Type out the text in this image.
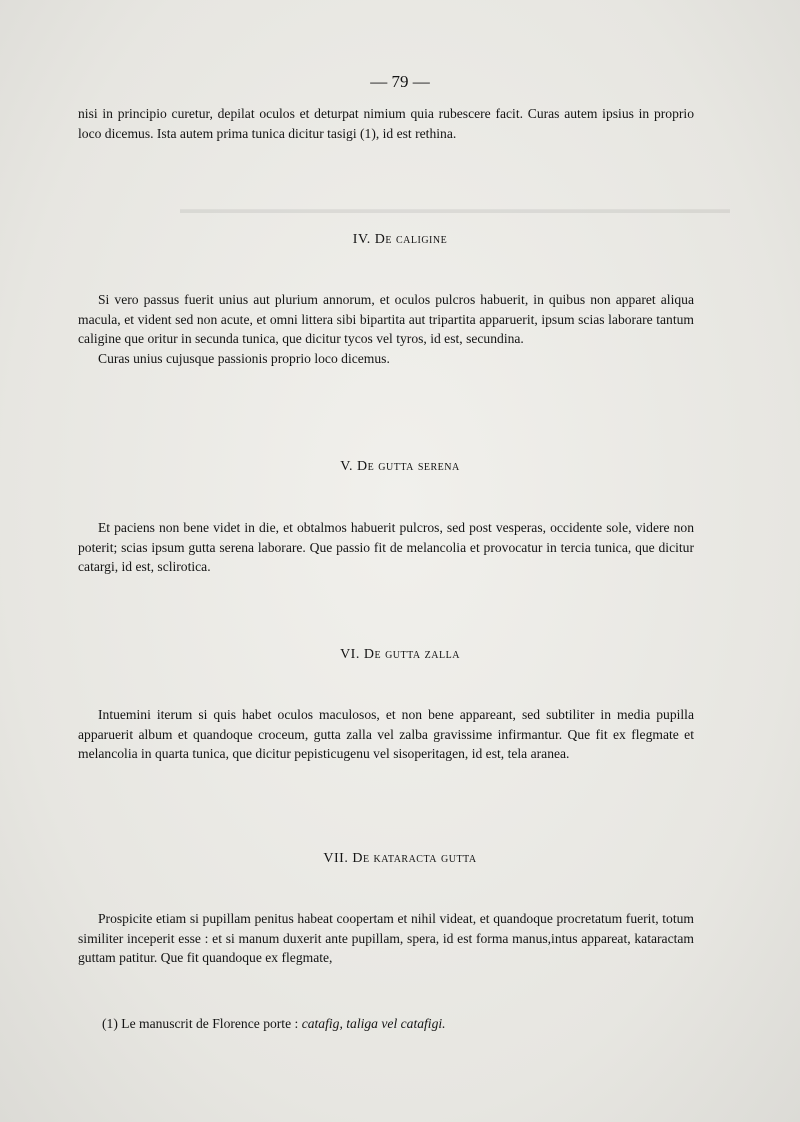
▬▬▬▬▬▬▬▬▬▬▬▬▬▬▬▬▬▬▬▬▬▬▬▬▬▬▬▬▬▬▬▬▬▬▬▬▬▬▬▬▬▬▬▬
— 79 —

nisi in principio curetur, depilat oculos et deturpat nimium quia rubescere facit. Curas autem ipsius in proprio loco dicemus. Ista autem prima tunica dicitur tasigi (1), id est rethina.

IV. De caligine

Si vero passus fuerit unius aut plurium annorum, et oculos pulcros habuerit, in quibus non apparet aliqua macula, et vident sed non acute, et omni littera sibi bipartita aut tripartita apparuerit, ipsum scias laborare tantum caligine que oritur in secunda tunica, que dicitur tycos vel tyros, id est, secundina.

Curas unius cujusque passionis proprio loco dicemus.

V. De gutta serena

Et paciens non bene videt in die, et obtalmos habuerit pulcros, sed post vesperas, occidente sole, videre non poterit; scias ipsum gutta serena laborare. Que passio fit de melancolia et provocatur in tercia tunica, que dicitur catargi, id est, sclirotica.

VI. De gutta zalla

Intuemini iterum si quis habet oculos maculosos, et non bene appareant, sed subtiliter in media pupilla apparuerit album et quandoque croceum, gutta zalla vel zalba gravissime infirmantur. Que fit ex flegmate et melancolia in quarta tunica, que dicitur pepisticugenu vel sisoperitagen, id est, tela aranea.

VII. De kataracta gutta

Prospicite etiam si pupillam penitus habeat coopertam et nihil videat, et quandoque procretatum fuerit, totum similiter inceperit esse : et si manum duxerit ante pupillam, spera, id est forma manus,intus appareat, kataractam guttam patitur. Que fit quandoque ex flegmate,

(1) Le manuscrit de Florence porte : catafig, taliga vel catafigi.
